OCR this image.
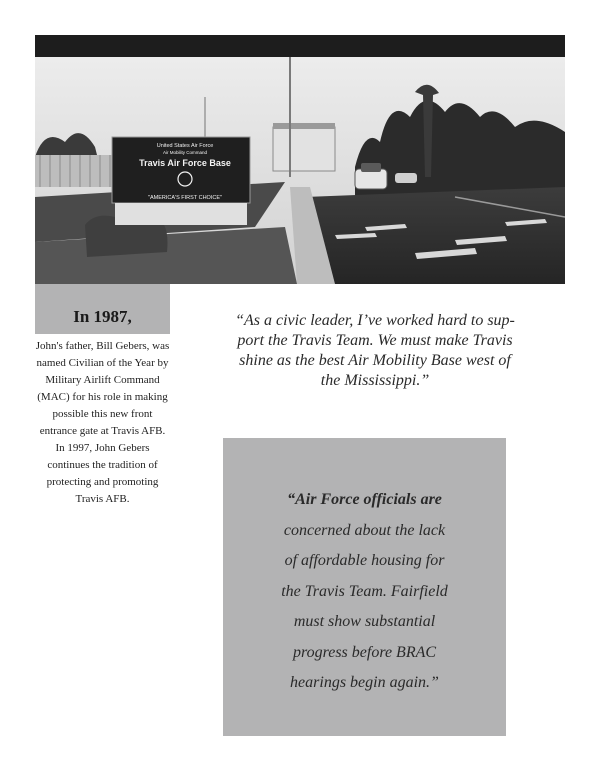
United States Air Force
Air Mobility Command
Travis Air Force Base
"AMERICA'S FIRST CHOICE"
In 1987,

John's father, Bill Gebers, was named Civilian of the Year by Military Airlift Command (MAC) for his role in making possible this new front entrance gate at Travis AFB.

In 1997, John Gebers continues the tradition of protecting and promoting Travis AFB.

“As a civic leader, I’ve worked hard to sup-
port the Travis Team. We must make Travis
shine as the best Air Mobility Base west of
the Mississippi.”
“Air Force officials are
concerned about the lack
of affordable housing for
the Travis Team. Fairfield
must show substantial
progress before BRAC
hearings begin again.”
